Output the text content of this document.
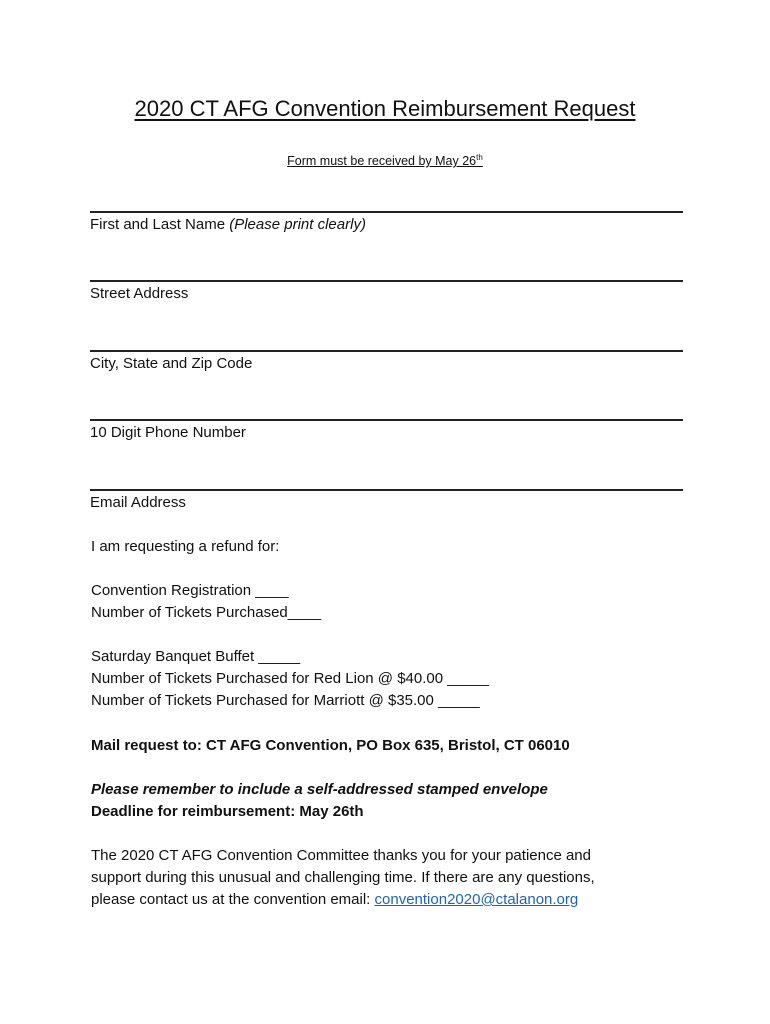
2020 CT AFG Convention Reimbursement Request
Form must be received by May 26th
First and Last Name (Please print clearly)
Street Address
City, State and Zip Code
10 Digit Phone Number
Email Address
I am requesting a refund for:
Convention Registration ____
Number of Tickets Purchased____
Saturday Banquet Buffet _____
Number of Tickets Purchased for Red Lion @ $40.00 _____
Number of Tickets Purchased for Marriott @ $35.00 _____
Mail request to: CT AFG Convention, PO Box 635, Bristol, CT 06010
Please remember to include a self-addressed stamped envelope
Deadline for reimbursement: May 26th
The 2020 CT AFG Convention Committee thanks you for your patience and
support during this unusual and challenging time. If there are any questions,
please contact us at the convention email: convention2020@ctalanon.org
